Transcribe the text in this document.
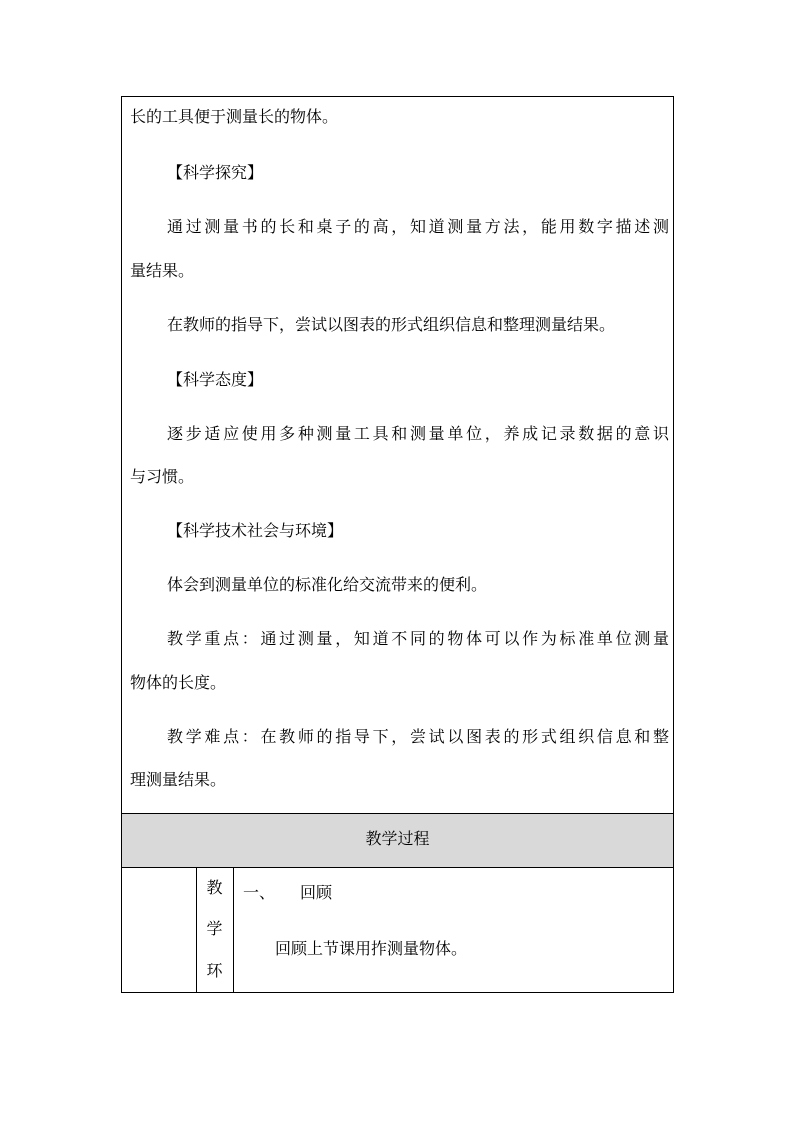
长的工具便于测量长的物体。
【科学探究】
通过测量书的长和桌子的高，知道测量方法，能用数字描述测
量结果。
在教师的指导下，尝试以图表的形式组织信息和整理测量结果。
【科学态度】
逐步适应使用多种测量工具和测量单位，养成记录数据的意识
与习惯。
【科学技术社会与环境】
体会到测量单位的标准化给交流带来的便利。
教学重点：通过测量，知道不同的物体可以作为标准单位测量
物体的长度。
教学难点：在教师的指导下，尝试以图表的形式组织信息和整
理测量结果。
教学过程
教
学
环
一、 回顾
回顾上节课用拃测量物体。
